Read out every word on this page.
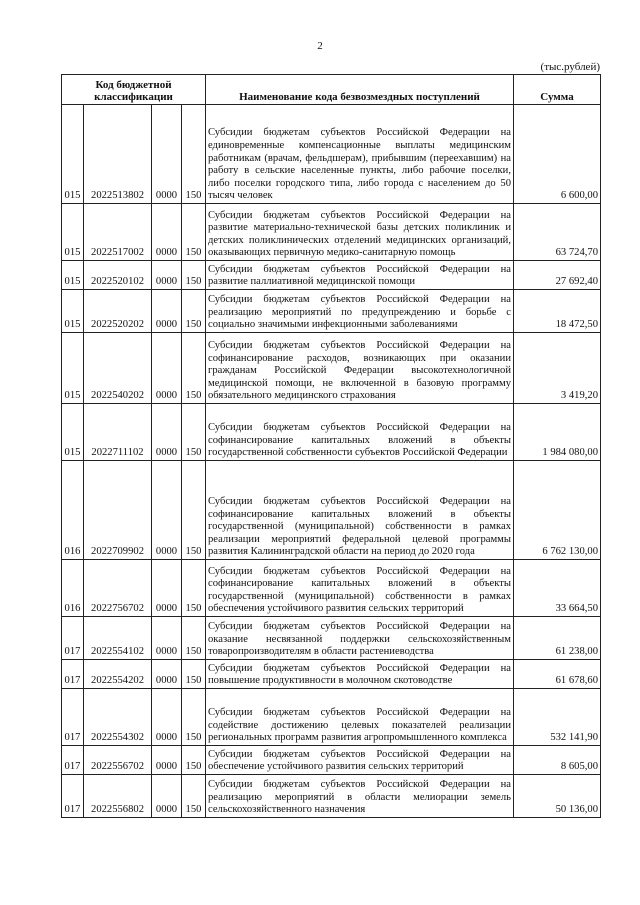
2
(тыс.рублей)
Код бюджетной
классификации				Наименование кода безвозмездных поступлений	Сумма
015	2022513802	0000	150	Субсидии бюджетам субъектов Российской Федерации на единовременные компенсационные выплаты медицинским работникам (врачам, фельдшерам), прибывшим (переехавшим) на работу в сельские населенные пункты, либо рабочие поселки, либо поселки городского типа, либо города с населением до 50 тысяч человек	6 600,00
015	2022517002	0000	150	Субсидии бюджетам субъектов Российской Федерации на развитие материально-технической базы детских поликлиник и детских поликлинических отделений медицинских организаций, оказывающих первичную медико-санитарную помощь	63 724,70
015	2022520102	0000	150	Субсидии бюджетам субъектов Российской Федерации на развитие паллиативной медицинской помощи	27 692,40
015	2022520202	0000	150	Субсидии бюджетам субъектов Российской Федерации на реализацию мероприятий по предупреждению и борьбе с социально значимыми инфекционными заболеваниями	18 472,50
015	2022540202	0000	150	Субсидии бюджетам субъектов Российской Федерации на софинансирование расходов, возникающих при оказании гражданам Российской Федерации высокотехнологичной медицинской помощи, не включенной в базовую программу обязательного медицинского страхования	3 419,20
015	2022711102	0000	150	Субсидии бюджетам субъектов Российской Федерации на софинансирование капитальных вложений в объекты государственной собственности субъектов Российской Федерации	1 984 080,00
016	2022709902	0000	150	Субсидии бюджетам субъектов Российской Федерации на софинансирование капитальных вложений в объекты государственной (муниципальной) собственности в рамках реализации мероприятий федеральной целевой программы развития Калининградской области на период до 2020 года	6 762 130,00
016	2022756702	0000	150	Субсидии бюджетам субъектов Российской Федерации на софинансирование капитальных вложений в объекты государственной (муниципальной) собственности в рамках обеспечения устойчивого развития сельских территорий	33 664,50
017	2022554102	0000	150	Субсидии бюджетам субъектов Российской Федерации на оказание несвязанной поддержки сельскохозяйственным товаропроизводителям в области растениеводства	61 238,00
017	2022554202	0000	150	Субсидии бюджетам субъектов Российской Федерации на повышение продуктивности в молочном скотоводстве	61 678,60
017	2022554302	0000	150	Субсидии бюджетам субъектов Российской Федерации на содействие достижению целевых показателей реализации региональных программ развития агропромышленного комплекса	532 141,90
017	2022556702	0000	150	Субсидии бюджетам субъектов Российской Федерации на обеспечение устойчивого развития сельских территорий	8 605,00
017	2022556802	0000	150	Субсидии бюджетам субъектов Российской Федерации на реализацию мероприятий в области мелиорации земель сельскохозяйственного назначения	50 136,00
